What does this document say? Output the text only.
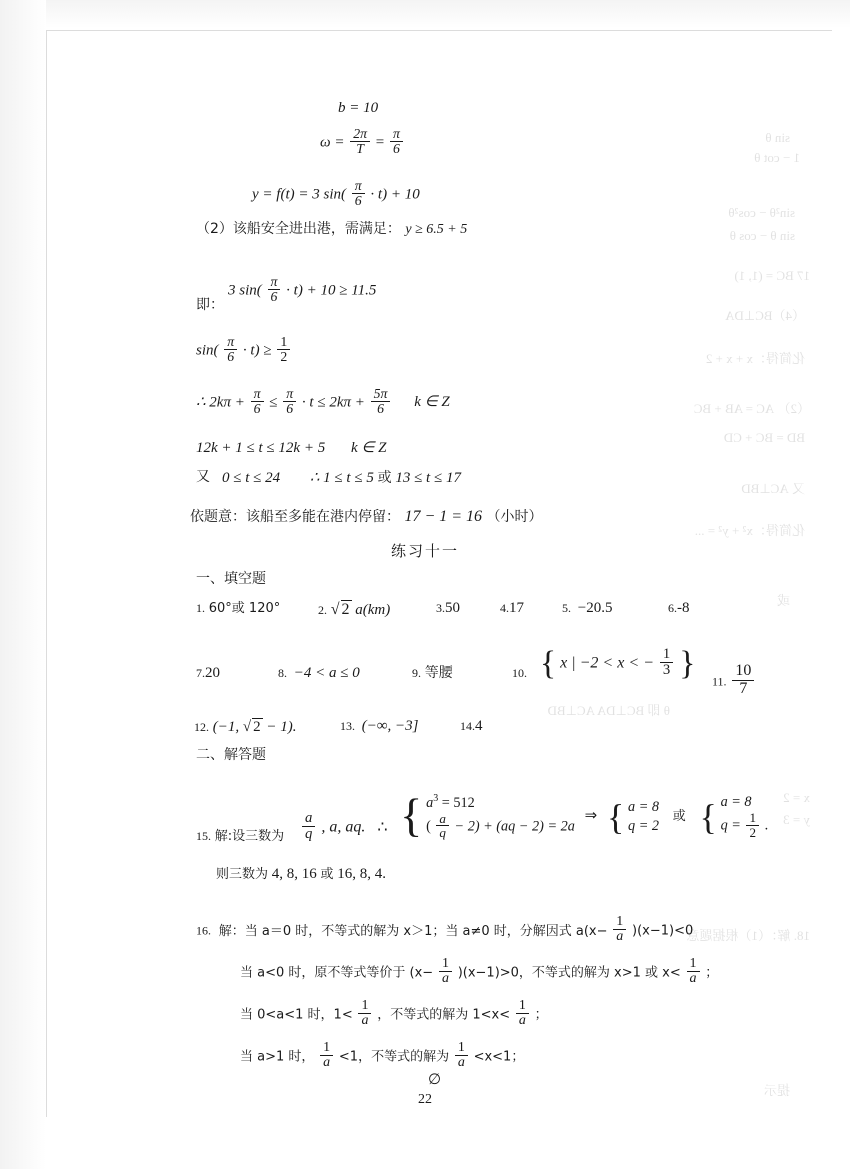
sin θ
1 − cot θ
sin²θ − cos²θ
sin θ − cos θ
17 BC = (1, 1)
（4）BC⊥DA
化简得：x + x + 2
（2） AC = AB + BC
BD = BC + CD
又 AC⊥BD
化简得：x² + y² = ...
或
θ 即 BC⊥DA AC⊥BD
x = 2
y = 3
18. 解：（1）根据题意
提示
b = 10
$\omega = \frac{2\pi}{T} = \frac{\pi}{6}$
y = f(t) = 3 $\sin( \frac{\pi}{6} \cdot t) + 10$
（2）该船安全进出港，需满足： y ≥ 6.5 + 5
3 $\sin( \frac{\pi}{6} \cdot t) + 10 \ge 11.5$
即：
$\sin( \frac{\pi}{6} \cdot t) \ge \frac{1}{2}$
∴ $2k\pi + \frac{\pi}{6} \le \frac{\pi}{6} \cdot t \le 2k\pi + \frac{5\pi}{6}$ k ∈ Z
12k + 1 ≤ t ≤ 12k + 5 k ∈ Z
又 0 ≤ t ≤ 24 ∴ 1 ≤ t ≤ 5 或 13 ≤ t ≤ 17
依题意：该船至多能在港内停留： 17 − 1 = 16 （小时）
练习十一
一、填空题
1. 60°或 120°	2. √ 2 a(km)	3.50	4.17	5. −20.5	6.-8
7.20	8. −4 < a ≤ 0	9. 等腰	10. { x | −2 < x < − $\frac{1}{3}$ }
11. $\frac{10}{7}$
12. (−1, √ 2 − 1).	13. (−∞, −3]	14.4
二、解答题
15. 解:设三数为 $\frac{a}{q}$ , a, aq. ∴ { $a^3 = 512$
( $\frac{a}{q} - 2) + (aq - 2) = 2a$
⇒ { a = 8
q = 2
或 { a = 8
$q = \frac{1}{2}$ .
则三数为 4, 8, 16 或 16, 8, 4.
16. 解：当 a＝0 时，不等式的解为 x＞1；当 a≠0 时，分解因式 $a(x- \frac{1}{a} )(x-1)<0$
当 a<0 时，原不等式等价于 $(x- \frac{1}{a} )(x-1)>0$，不等式的解为 x>1 或 $x< \frac{1}{a}$ ；
当 0<a<1 时，$1< \frac{1}{a}$ ，不等式的解为 $1<x< \frac{1}{a}$ ；
当 a>1 时， $\frac{1}{a} <1$，不等式的解为 $\frac{1}{a} <x<1$；
∅
22
